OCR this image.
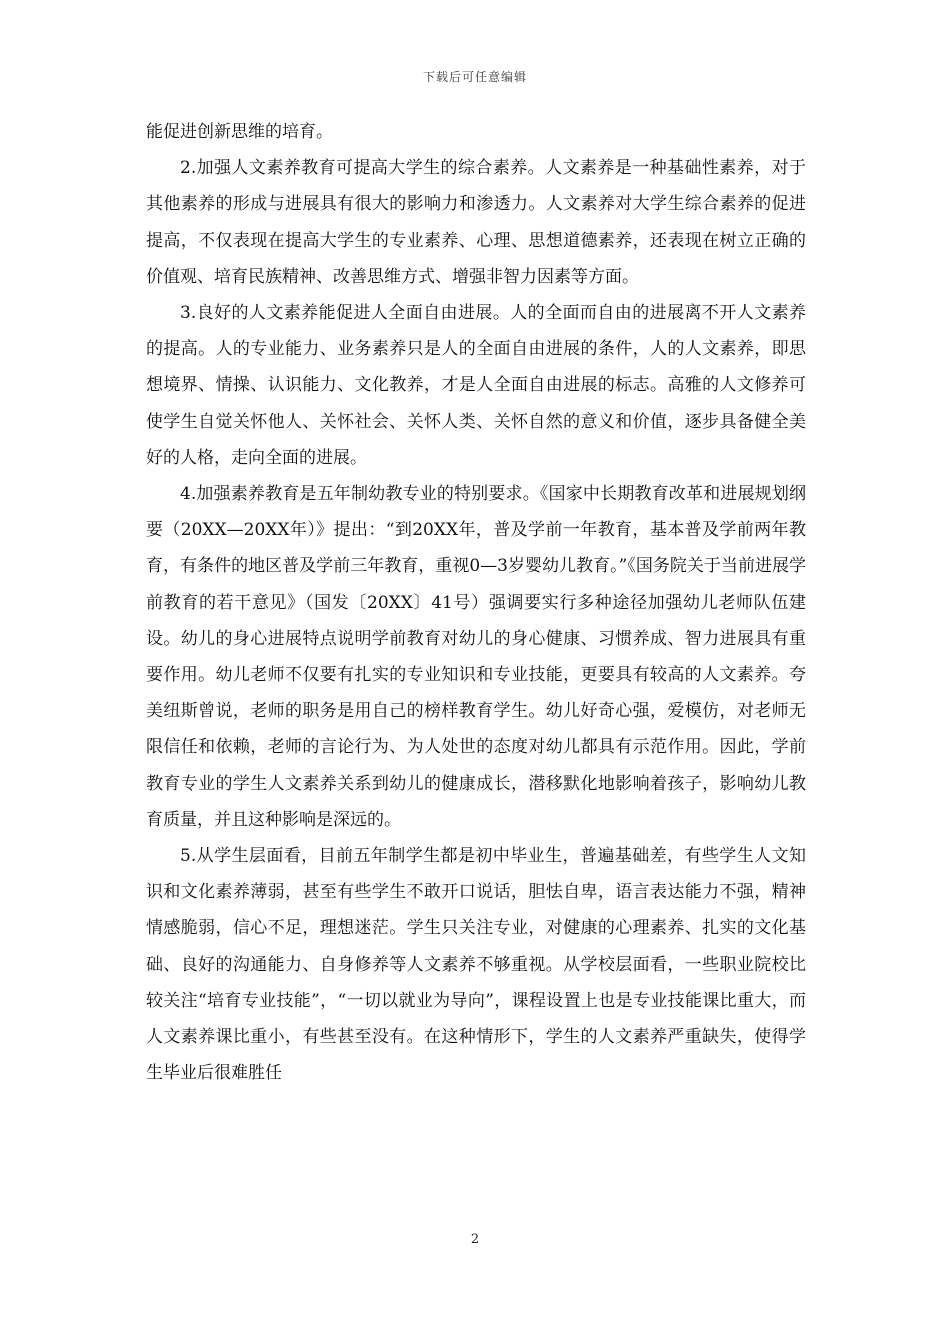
下载后可任意编辑

能促进创新思维的培育。

2.加强人文素养教育可提高大学生的综合素养。人文素养是一种基础性素养，对于其他素养的形成与进展具有很大的影响力和渗透力。人文素养对大学生综合素养的促进提高，不仅表现在提高大学生的专业素养、心理、思想道德素养，还表现在树立正确的价值观、培育民族精神、改善思维方式、增强非智力因素等方面。

3.良好的人文素养能促进人全面自由进展。人的全面而自由的进展离不开人文素养的提高。人的专业能力、业务素养只是人的全面自由进展的条件，人的人文素养，即思想境界、情操、认识能力、文化教养，才是人全面自由进展的标志。高雅的人文修养可使学生自觉关怀他人、关怀社会、关怀人类、关怀自然的意义和价值，逐步具备健全美好的人格，走向全面的进展。

4.加强素养教育是五年制幼教专业的特别要求。《国家中长期教育改革和进展规划纲要（20XX—20XX年）》提出：“到20XX年，普及学前一年教育，基本普及学前两年教育，有条件的地区普及学前三年教育，重视0—3岁婴幼儿教育。”《国务院关于当前进展学前教育的若干意见》（国发〔20XX〕41号）强调要实行多种途径加强幼儿老师队伍建设。幼儿的身心进展特点说明学前教育对幼儿的身心健康、习惯养成、智力进展具有重要作用。幼儿老师不仅要有扎实的专业知识和专业技能，更要具有较高的人文素养。夸美纽斯曾说，老师的职务是用自己的榜样教育学生。幼儿好奇心强，爱模仿，对老师无限信任和依赖，老师的言论行为、为人处世的态度对幼儿都具有示范作用。因此，学前教育专业的学生人文素养关系到幼儿的健康成长，潜移默化地影响着孩子，影响幼儿教育质量，并且这种影响是深远的。

5.从学生层面看，目前五年制学生都是初中毕业生，普遍基础差，有些学生人文知识和文化素养薄弱，甚至有些学生不敢开口说话，胆怯自卑，语言表达能力不强，精神情感脆弱，信心不足，理想迷茫。学生只关注专业，对健康的心理素养、扎实的文化基础、良好的沟通能力、自身修养等人文素养不够重视。从学校层面看，一些职业院校比较关注“培育专业技能”，“一切以就业为导向”，课程设置上也是专业技能课比重大，而人文素养课比重小，有些甚至没有。在这种情形下，学生的人文素养严重缺失，使得学生毕业后很难胜任

2
